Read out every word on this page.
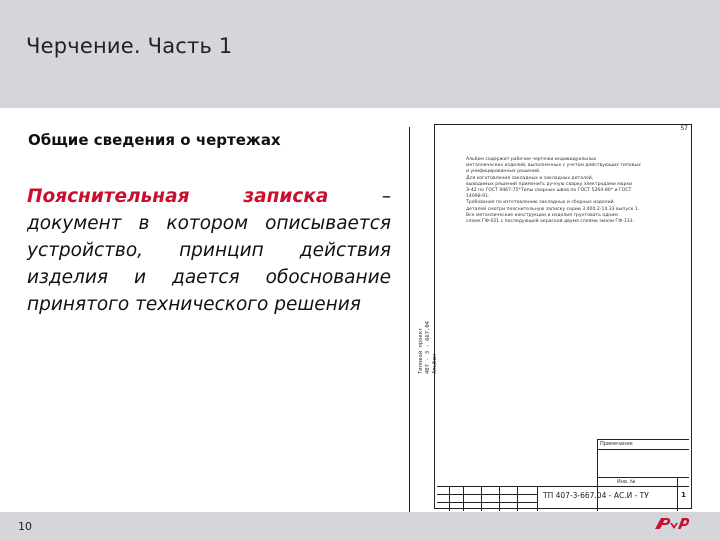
Черчение. Часть 1
Общие сведения о чертежах
Пояснительная записка	–
документ в котором описывается
устройство, принцип действия
изделия и дается обоснование
принятого технического решения
Типовой проект 407 - 3 - 667.04 Альбом
57

Альбом содержит рабочие чертежи индивидуальных

металлических изделий, выполненных с учетом действующих типовых

и унифицированных решений.

Для изготовления закладных и закладных деталей,

выводимых решений применить ручную сварку электродами марки

Э-42 по ГОСТ 9467-75*Типы сварных швов по ГОСТ 5264-80* и ГОСТ

14098-91.

Требования по изготовлению закладных и сборных изделий

деталей смотри пояснительную записку серии 3.400.2-14.33 выпуск 1.

Все металлические конструкции и изделия грунтовать одним

слоем ГФ-021 с последующей окраской двумя слоями эмали ГФ-133.

Примечание
Инв. №
ТП 407-3-667.04 - АС.И - ТУ	1
10
